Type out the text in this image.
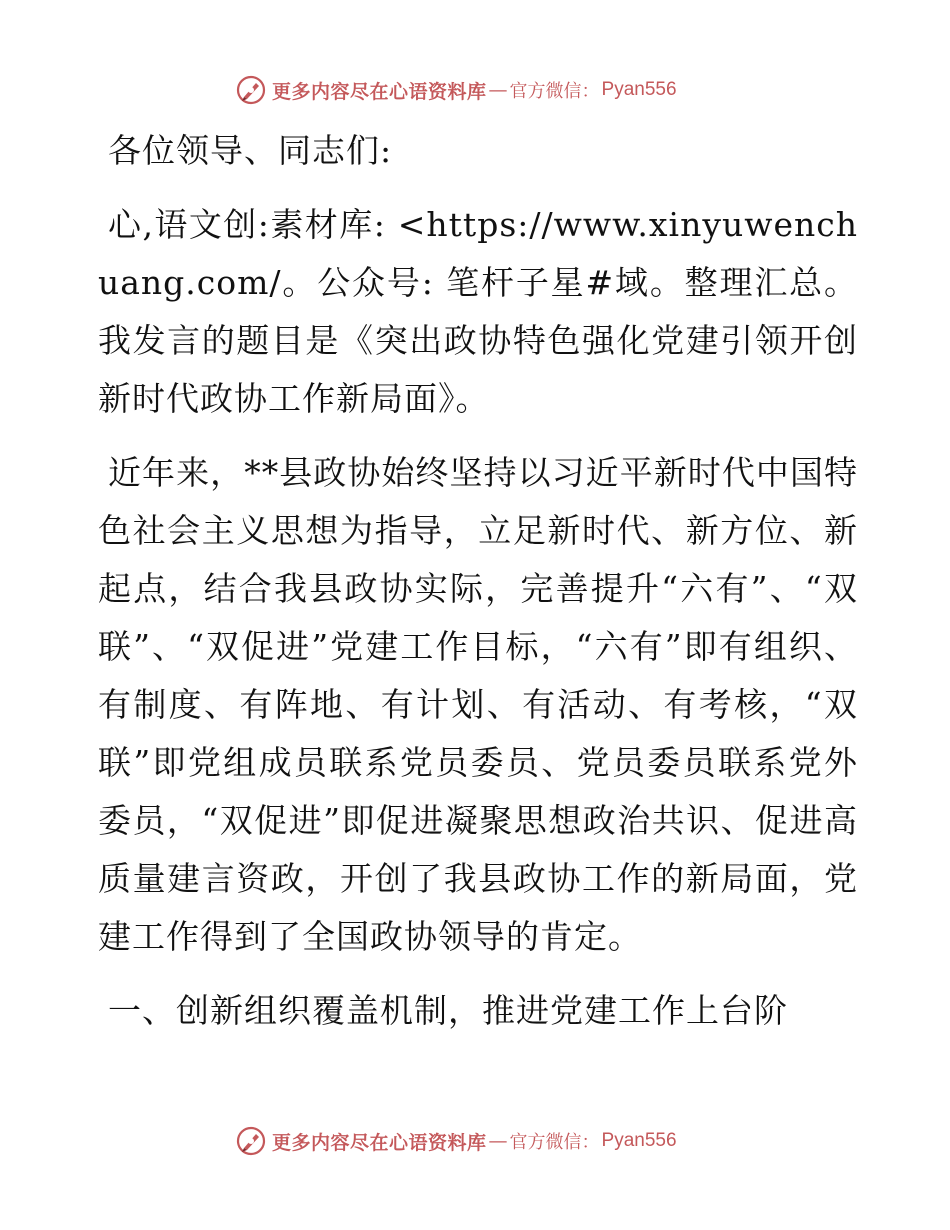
更多内容尽在心语资料库 — 官方微信： Pyan556

各位领导、同志们:

心,语文创:素材库: <https://www.xinyuwenchuang.com/。公众号: 笔杆子星#域。整理汇总。我发言的题目是《突出政协特色强化党建引领开创新时代政协工作新局面》。

近年来，**县政协始终坚持以习近平新时代中国特色社会主义思想为指导，立足新时代、新方位、新起点，结合我县政协实际，完善提升“六有”、“双联”、“双促进”党建工作目标，“六有”即有组织、有制度、有阵地、有计划、有活动、有考核，“双联”即党组成员联系党员委员、党员委员联系党外委员，“双促进”即促进凝聚思想政治共识、促进高质量建言资政，开创了我县政协工作的新局面，党建工作得到了全国政协领导的肯定。

一、创新组织覆盖机制，推进党建工作上台阶

更多内容尽在心语资料库 — 官方微信： Pyan556
